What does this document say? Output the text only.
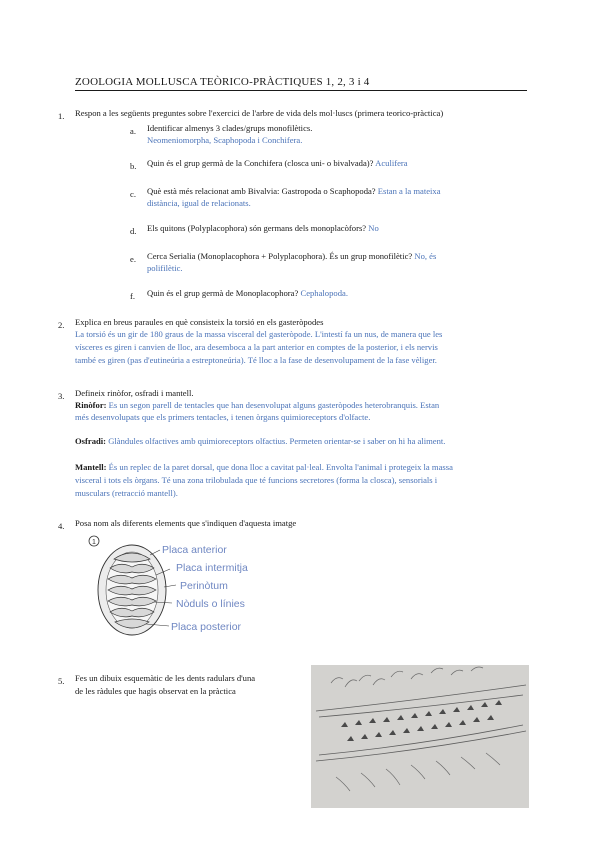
ZOOLOGIA MOLLUSCA TEÒRICO-PRÀCTIQUES 1, 2, 3 i 4
1. Respon a les següents preguntes sobre l'exercici de l'arbre de vida dels mol·luscs (primera teorico-pràctica)
a. Identificar almenys 3 clades/grups monofilètics.
Neomeniomorpha, Scaphopoda i Conchifera.
b. Quin és el grup germà de la Conchifera (closca uni- o bivalvada)? Aculifera
c. Què està més relacionat amb Bivalvia: Gastropoda o Scaphopoda? Estan a la mateixa
distància, igual de relacionats.
d. Els quitons (Polyplacophora) són germans dels monoplacòfors? No
e. Cerca Serialia (Monoplacophora + Polyplacophora). És un grup monofilètic? No, és
polifilètic.
f. Quin és el grup germà de Monoplacophora? Cephalopoda.
2. Explica en breus paraules en què consisteix la torsió en els gasteròpodes
La torsió és un gir de 180 graus de la massa visceral del gasteròpode. L'intestí fa un nus, de manera que les
vísceres es giren i canvien de lloc, ara desemboca a la part anterior en comptes de la posterior, i els nervis
també es giren (pas d'eutineúria a estreptoneúria). Té lloc a la fase de desenvolupament de la fase vèliger.
3. Defineix rinòfor, osfradi i mantell.
Rinòfor: Es un segon parell de tentacles que han desenvolupat alguns gasteròpodes heterobranquis. Estan
més desenvolupats que els primers tentacles, i tenen òrgans quimioreceptors d'olfacte.
Osfradi: Glàndules olfactives amb quimioreceptors olfactius. Permeten orientar-se i saber on hi ha aliment.
Mantell: És un replec de la paret dorsal, que dona lloc a cavitat pal·leal. Envolta l'animal i protegeix la massa
visceral i tots els òrgans. Té una zona trilobulada que té funcions secretores (forma la closca), sensorials i
musculars (retracció mantell).
4. Posa nom als diferents elements que s'indiquen d'aquesta imatge
1
Placa anterior
Placa intermitja
Perinòtum
Nòduls o línies
Placa posterior
5. Fes un dibuix esquemàtic de les dents radulars d'una
de les ràdules que hagis observat en la pràctica
